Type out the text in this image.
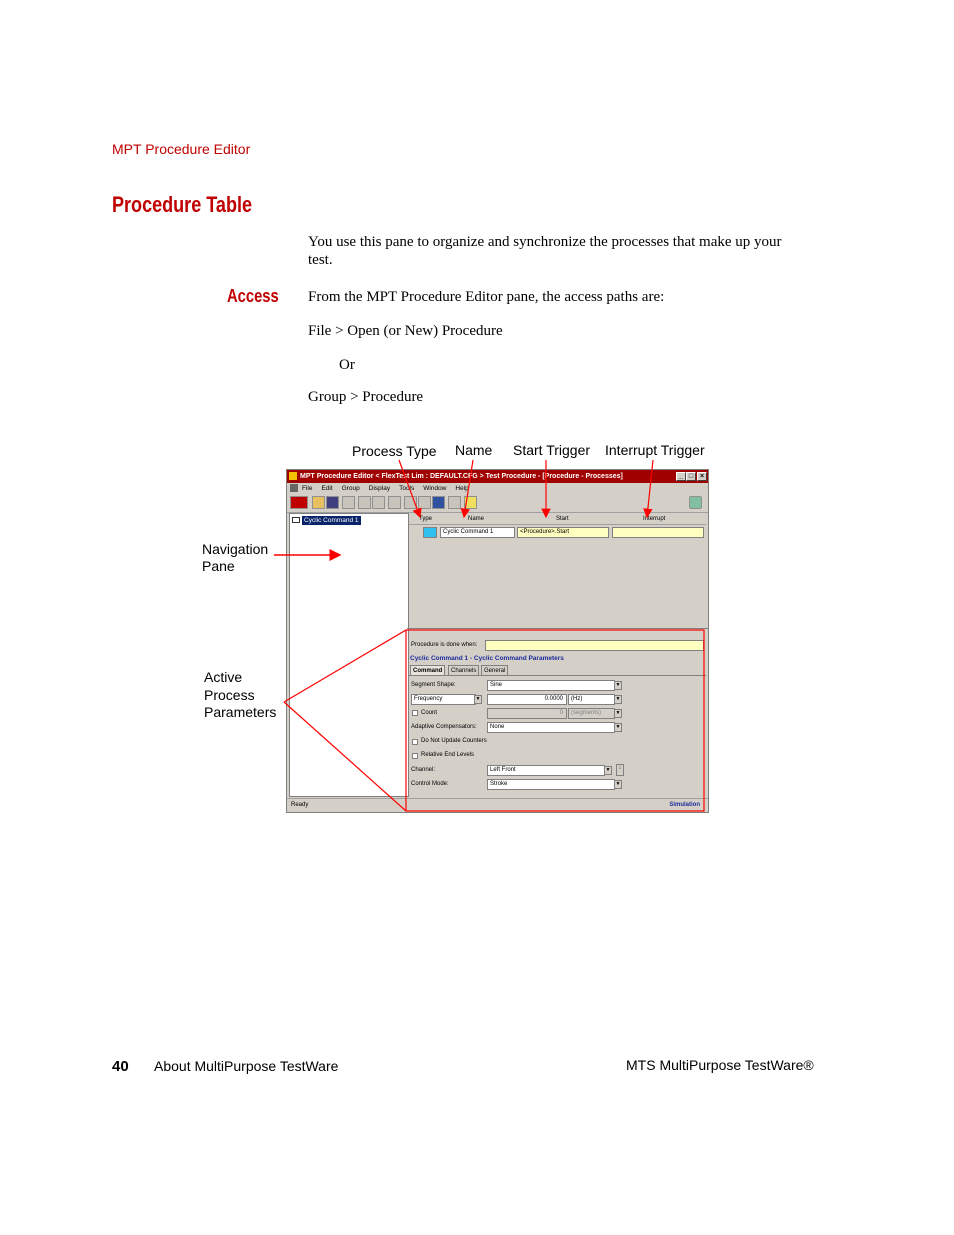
MPT Procedure Editor
Procedure Table
You use this pane to organize and synchronize the processes that make up your
test.
Access From the MPT Procedure Editor pane, the access paths are:
File > Open (or New) Procedure
Or
Group > Procedure
Process Type Name Start Trigger Interrupt Trigger
Navigation
Pane
Active
Process
Parameters
MPT Procedure Editor < FlexTest Lim : DEFAULT.CFG > Test Procedure - [Procedure - Processes]	_ □ ×
File Edit Group Display Tools Window Help
Cyclic Command 1	Type	Name	Start	Interrupt
Cyclic Command 1	<Procedure>.Start
Procedure is done when:
Cyclic Command 1 - Cyclic Command Parameters
Command	Channels	General
Segment Shape:	Sine	▼
Frequency	▼	0.0000	(Hz)	▼
Count	0	(segments)	▼
Adaptive Compensators:	None	▼
Do Not Update Counters
Relative End Levels
Channel:	Left Front	▼	↕
Control Mode:	Stroke	▼
Ready	Simulation
40 About MultiPurpose TestWare	MTS MultiPurpose TestWare®
